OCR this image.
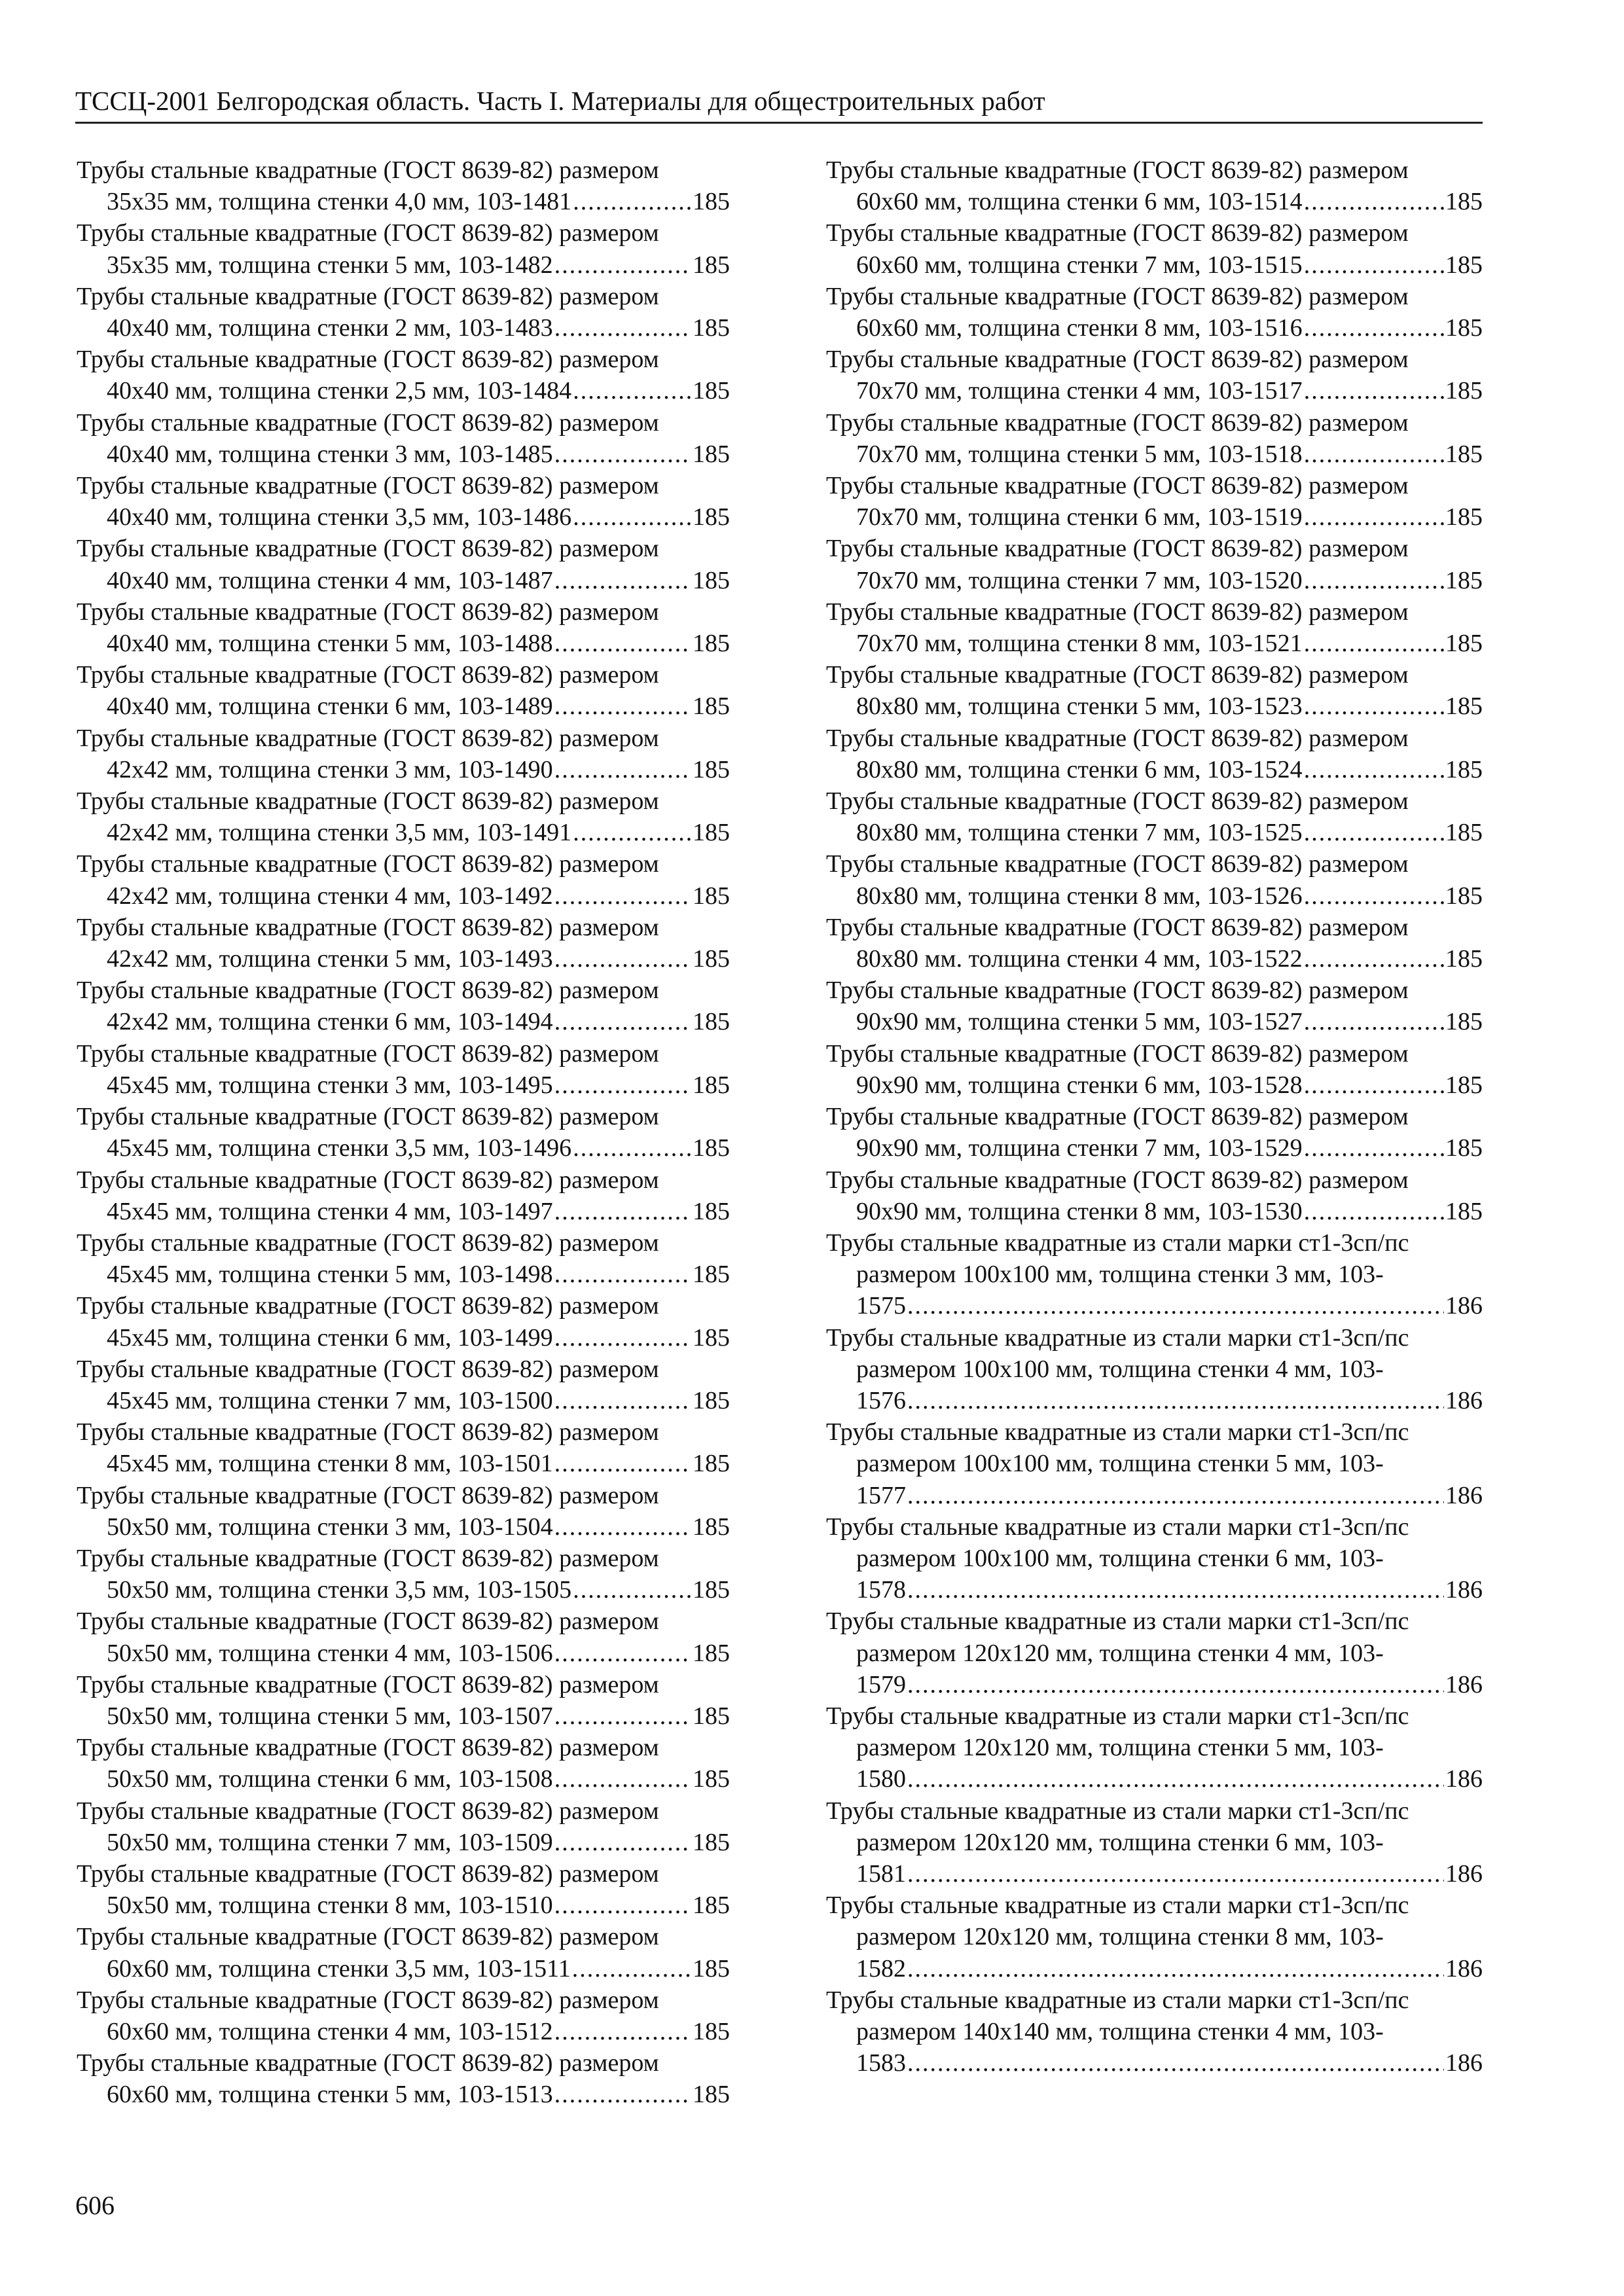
ТССЦ-2001 Белгородская область. Часть I. Материалы для общестроительных работ
Трубы стальные квадратные (ГОСТ 8639-82) размером
35x35 мм, толщина стенки 4,0 мм, 103-1481 .....	185
Трубы стальные квадратные (ГОСТ 8639-82) размером
35x35 мм, толщина стенки 5 мм, 103-1482 .....	185
Трубы стальные квадратные (ГОСТ 8639-82) размером
40x40 мм, толщина стенки 2 мм, 103-1483 .....	185
Трубы стальные квадратные (ГОСТ 8639-82) размером
40x40 мм, толщина стенки 2,5 мм, 103-1484 .....	185
Трубы стальные квадратные (ГОСТ 8639-82) размером
40x40 мм, толщина стенки 3 мм, 103-1485 .....	185
Трубы стальные квадратные (ГОСТ 8639-82) размером
40x40 мм, толщина стенки 3,5 мм, 103-1486 .....	185
Трубы стальные квадратные (ГОСТ 8639-82) размером
40x40 мм, толщина стенки 4 мм, 103-1487 .....	185
Трубы стальные квадратные (ГОСТ 8639-82) размером
40x40 мм, толщина стенки 5 мм, 103-1488 .....	185
Трубы стальные квадратные (ГОСТ 8639-82) размером
40x40 мм, толщина стенки 6 мм, 103-1489 .....	185
Трубы стальные квадратные (ГОСТ 8639-82) размером
42x42 мм, толщина стенки 3 мм, 103-1490 .....	185
Трубы стальные квадратные (ГОСТ 8639-82) размером
42x42 мм, толщина стенки 3,5 мм, 103-1491 .....	185
Трубы стальные квадратные (ГОСТ 8639-82) размером
42x42 мм, толщина стенки 4 мм, 103-1492 .....	185
Трубы стальные квадратные (ГОСТ 8639-82) размером
42x42 мм, толщина стенки 5 мм, 103-1493 .....	185
Трубы стальные квадратные (ГОСТ 8639-82) размером
42x42 мм, толщина стенки 6 мм, 103-1494 .....	185
Трубы стальные квадратные (ГОСТ 8639-82) размером
45x45 мм, толщина стенки 3 мм, 103-1495 .....	185
Трубы стальные квадратные (ГОСТ 8639-82) размером
45x45 мм, толщина стенки 3,5 мм, 103-1496 .....	185
Трубы стальные квадратные (ГОСТ 8639-82) размером
45x45 мм, толщина стенки 4 мм, 103-1497 .....	185
Трубы стальные квадратные (ГОСТ 8639-82) размером
45x45 мм, толщина стенки 5 мм, 103-1498 .....	185
Трубы стальные квадратные (ГОСТ 8639-82) размером
45x45 мм, толщина стенки 6 мм, 103-1499 .....	185
Трубы стальные квадратные (ГОСТ 8639-82) размером
45x45 мм, толщина стенки 7 мм, 103-1500 .....	185
Трубы стальные квадратные (ГОСТ 8639-82) размером
45x45 мм, толщина стенки 8 мм, 103-1501 .....	185
Трубы стальные квадратные (ГОСТ 8639-82) размером
50x50 мм, толщина стенки 3 мм, 103-1504 .....	185
Трубы стальные квадратные (ГОСТ 8639-82) размером
50x50 мм, толщина стенки 3,5 мм, 103-1505 .....	185
Трубы стальные квадратные (ГОСТ 8639-82) размером
50x50 мм, толщина стенки 4 мм, 103-1506 .....	185
Трубы стальные квадратные (ГОСТ 8639-82) размером
50x50 мм, толщина стенки 5 мм, 103-1507 .....	185
Трубы стальные квадратные (ГОСТ 8639-82) размером
50x50 мм, толщина стенки 6 мм, 103-1508 .....	185
Трубы стальные квадратные (ГОСТ 8639-82) размером
50x50 мм, толщина стенки 7 мм, 103-1509 .....	185
Трубы стальные квадратные (ГОСТ 8639-82) размером
50x50 мм, толщина стенки 8 мм, 103-1510 .....	185
Трубы стальные квадратные (ГОСТ 8639-82) размером
60x60 мм, толщина стенки 3,5 мм, 103-1511 .....	185
Трубы стальные квадратные (ГОСТ 8639-82) размером
60x60 мм, толщина стенки 4 мм, 103-1512 .....	185
Трубы стальные квадратные (ГОСТ 8639-82) размером
60x60 мм, толщина стенки 5 мм, 103-1513 .....	185
Трубы стальные квадратные (ГОСТ 8639-82) размером
60x60 мм, толщина стенки 6 мм, 103-1514 .....	185
Трубы стальные квадратные (ГОСТ 8639-82) размером
60x60 мм, толщина стенки 7 мм, 103-1515 .....	185
Трубы стальные квадратные (ГОСТ 8639-82) размером
60x60 мм, толщина стенки 8 мм, 103-1516 .....	185
Трубы стальные квадратные (ГОСТ 8639-82) размером
70x70 мм, толщина стенки 4 мм, 103-1517 .....	185
Трубы стальные квадратные (ГОСТ 8639-82) размером
70x70 мм, толщина стенки 5 мм, 103-1518 .....	185
Трубы стальные квадратные (ГОСТ 8639-82) размером
70x70 мм, толщина стенки 6 мм, 103-1519 .....	185
Трубы стальные квадратные (ГОСТ 8639-82) размером
70x70 мм, толщина стенки 7 мм, 103-1520 .....	185
Трубы стальные квадратные (ГОСТ 8639-82) размером
70x70 мм, толщина стенки 8 мм, 103-1521 .....	185
Трубы стальные квадратные (ГОСТ 8639-82) размером
80x80 мм, толщина стенки 5 мм, 103-1523 .....	185
Трубы стальные квадратные (ГОСТ 8639-82) размером
80x80 мм, толщина стенки 6 мм, 103-1524 .....	185
Трубы стальные квадратные (ГОСТ 8639-82) размером
80x80 мм, толщина стенки 7 мм, 103-1525 .....	185
Трубы стальные квадратные (ГОСТ 8639-82) размером
80x80 мм, толщина стенки 8 мм, 103-1526 .....	185
Трубы стальные квадратные (ГОСТ 8639-82) размером
80x80 мм. толщина стенки 4 мм, 103-1522 .....	185
Трубы стальные квадратные (ГОСТ 8639-82) размером
90x90 мм, толщина стенки 5 мм, 103-1527 .....	185
Трубы стальные квадратные (ГОСТ 8639-82) размером
90x90 мм, толщина стенки 6 мм, 103-1528 .....	185
Трубы стальные квадратные (ГОСТ 8639-82) размером
90x90 мм, толщина стенки 7 мм, 103-1529 .....	185
Трубы стальные квадратные (ГОСТ 8639-82) размером
90x90 мм, толщина стенки 8 мм, 103-1530 .....	185
Трубы стальные квадратные из стали марки ст1-3сп/пс
размером 100x100 мм, толщина стенки 3 мм, 103-
1575 .....	186
Трубы стальные квадратные из стали марки ст1-3сп/пс
размером 100x100 мм, толщина стенки 4 мм, 103-
1576 .....	186
Трубы стальные квадратные из стали марки ст1-3сп/пс
размером 100x100 мм, толщина стенки 5 мм, 103-
1577 .....	186
Трубы стальные квадратные из стали марки ст1-3сп/пс
размером 100x100 мм, толщина стенки 6 мм, 103-
1578 .....	186
Трубы стальные квадратные из стали марки ст1-3сп/пс
размером 120x120 мм, толщина стенки 4 мм, 103-
1579 .....	186
Трубы стальные квадратные из стали марки ст1-3сп/пс
размером 120x120 мм, толщина стенки 5 мм, 103-
1580 .....	186
Трубы стальные квадратные из стали марки ст1-3сп/пс
размером 120x120 мм, толщина стенки 6 мм, 103-
1581 .....	186
Трубы стальные квадратные из стали марки ст1-3сп/пс
размером 120x120 мм, толщина стенки 8 мм, 103-
1582 .....	186
Трубы стальные квадратные из стали марки ст1-3сп/пс
размером 140x140 мм, толщина стенки 4 мм, 103-
1583 .....	186
606
